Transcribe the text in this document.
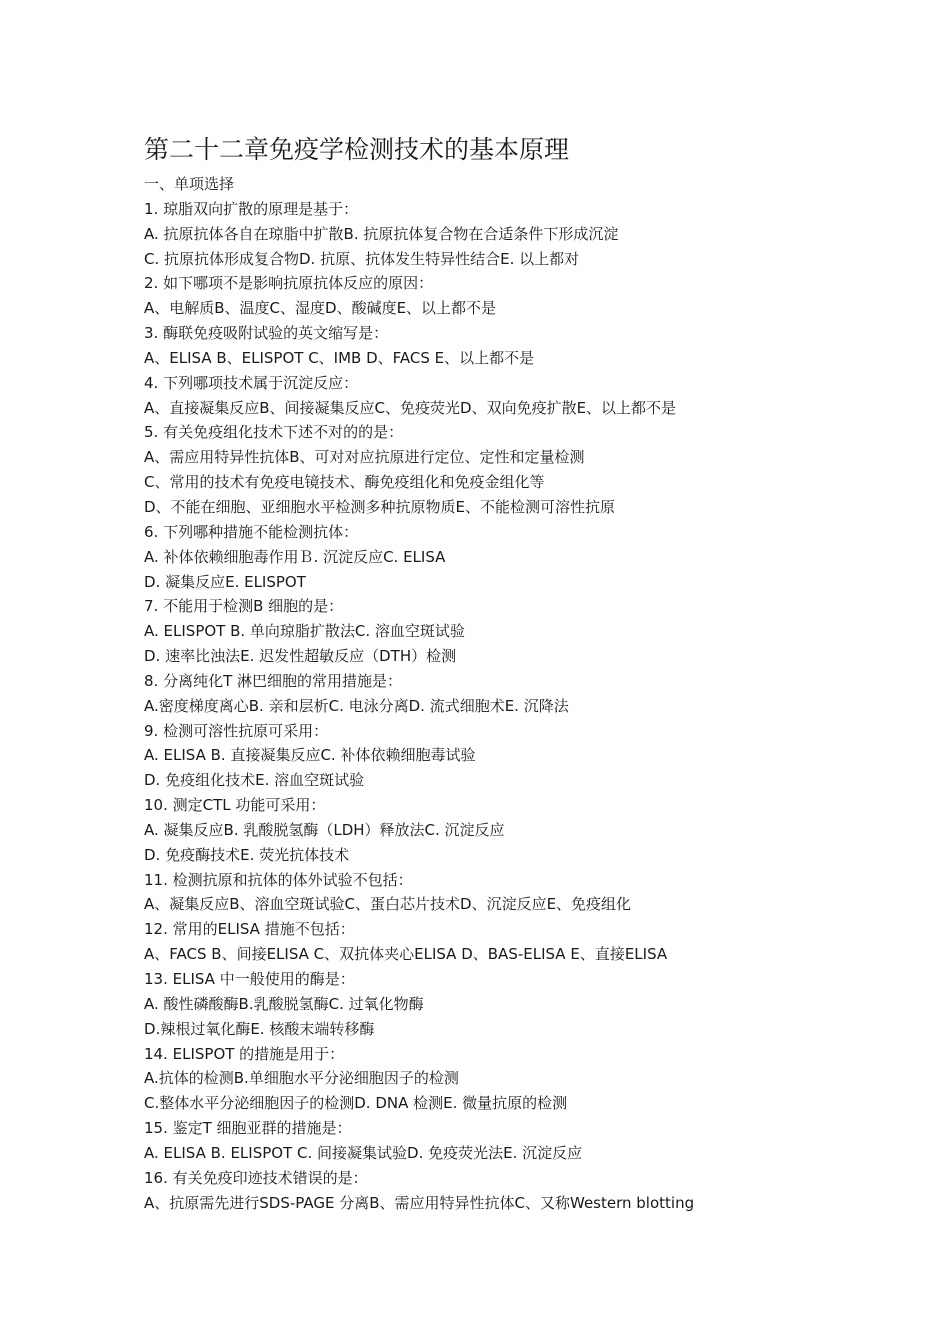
第二十二章免疫学检测技术的基本原理
一、单项选择
1. 琼脂双向扩散的原理是基于：
A. 抗原抗体各自在琼脂中扩散B. 抗原抗体复合物在合适条件下形成沉淀
C. 抗原抗体形成复合物D. 抗原、抗体发生特异性结合E. 以上都对
2. 如下哪项不是影响抗原抗体反应的原因：
A、电解质B、温度C、湿度D、酸碱度E、以上都不是
3. 酶联免疫吸附试验的英文缩写是：
A、ELISA B、ELISPOT C、IMB D、FACS E、以上都不是
4. 下列哪项技术属于沉淀反应：
A、直接凝集反应B、间接凝集反应C、免疫荧光D、双向免疫扩散E、以上都不是
5. 有关免疫组化技术下述不对的的是：
A、需应用特异性抗体B、可对对应抗原进行定位、定性和定量检测
C、常用的技术有免疫电镜技术、酶免疫组化和免疫金组化等
D、不能在细胞、亚细胞水平检测多种抗原物质E、不能检测可溶性抗原
6. 下列哪种措施不能检测抗体：
A. 补体依赖细胞毒作用Ｂ. 沉淀反应C. ELISA
D. 凝集反应E. ELISPOT
7. 不能用于检测B 细胞的是：
A. ELISPOT B. 单向琼脂扩散法C. 溶血空斑试验
D. 速率比浊法E. 迟发性超敏反应（DTH）检测
8. 分离纯化T 淋巴细胞的常用措施是：
A.密度梯度离心B. 亲和层析C. 电泳分离D. 流式细胞术E. 沉降法
9. 检测可溶性抗原可采用：
A. ELISA B. 直接凝集反应C. 补体依赖细胞毒试验
D. 免疫组化技术E. 溶血空斑试验
10. 测定CTL 功能可采用：
A. 凝集反应B. 乳酸脱氢酶（LDH）释放法C. 沉淀反应
D. 免疫酶技术E. 荧光抗体技术
11. 检测抗原和抗体的体外试验不包括：
A、凝集反应B、溶血空斑试验C、蛋白芯片技术D、沉淀反应E、免疫组化
12. 常用的ELISA 措施不包括：
A、FACS B、间接ELISA C、双抗体夹心ELISA D、BAS-ELISA E、直接ELISA
13. ELISA 中一般使用的酶是：
A. 酸性磷酸酶B.乳酸脱氢酶C. 过氧化物酶
D.辣根过氧化酶E. 核酸末端转移酶
14. ELISPOT 的措施是用于：
A.抗体的检测B.单细胞水平分泌细胞因子的检测
C.整体水平分泌细胞因子的检测D. DNA 检测E. 微量抗原的检测
15. 鉴定T 细胞亚群的措施是：
A. ELISA B. ELISPOT C. 间接凝集试验D. 免疫荧光法E. 沉淀反应
16. 有关免疫印迹技术错误的是：
A、抗原需先进行SDS-PAGE 分离B、需应用特异性抗体C、又称Western blotting
